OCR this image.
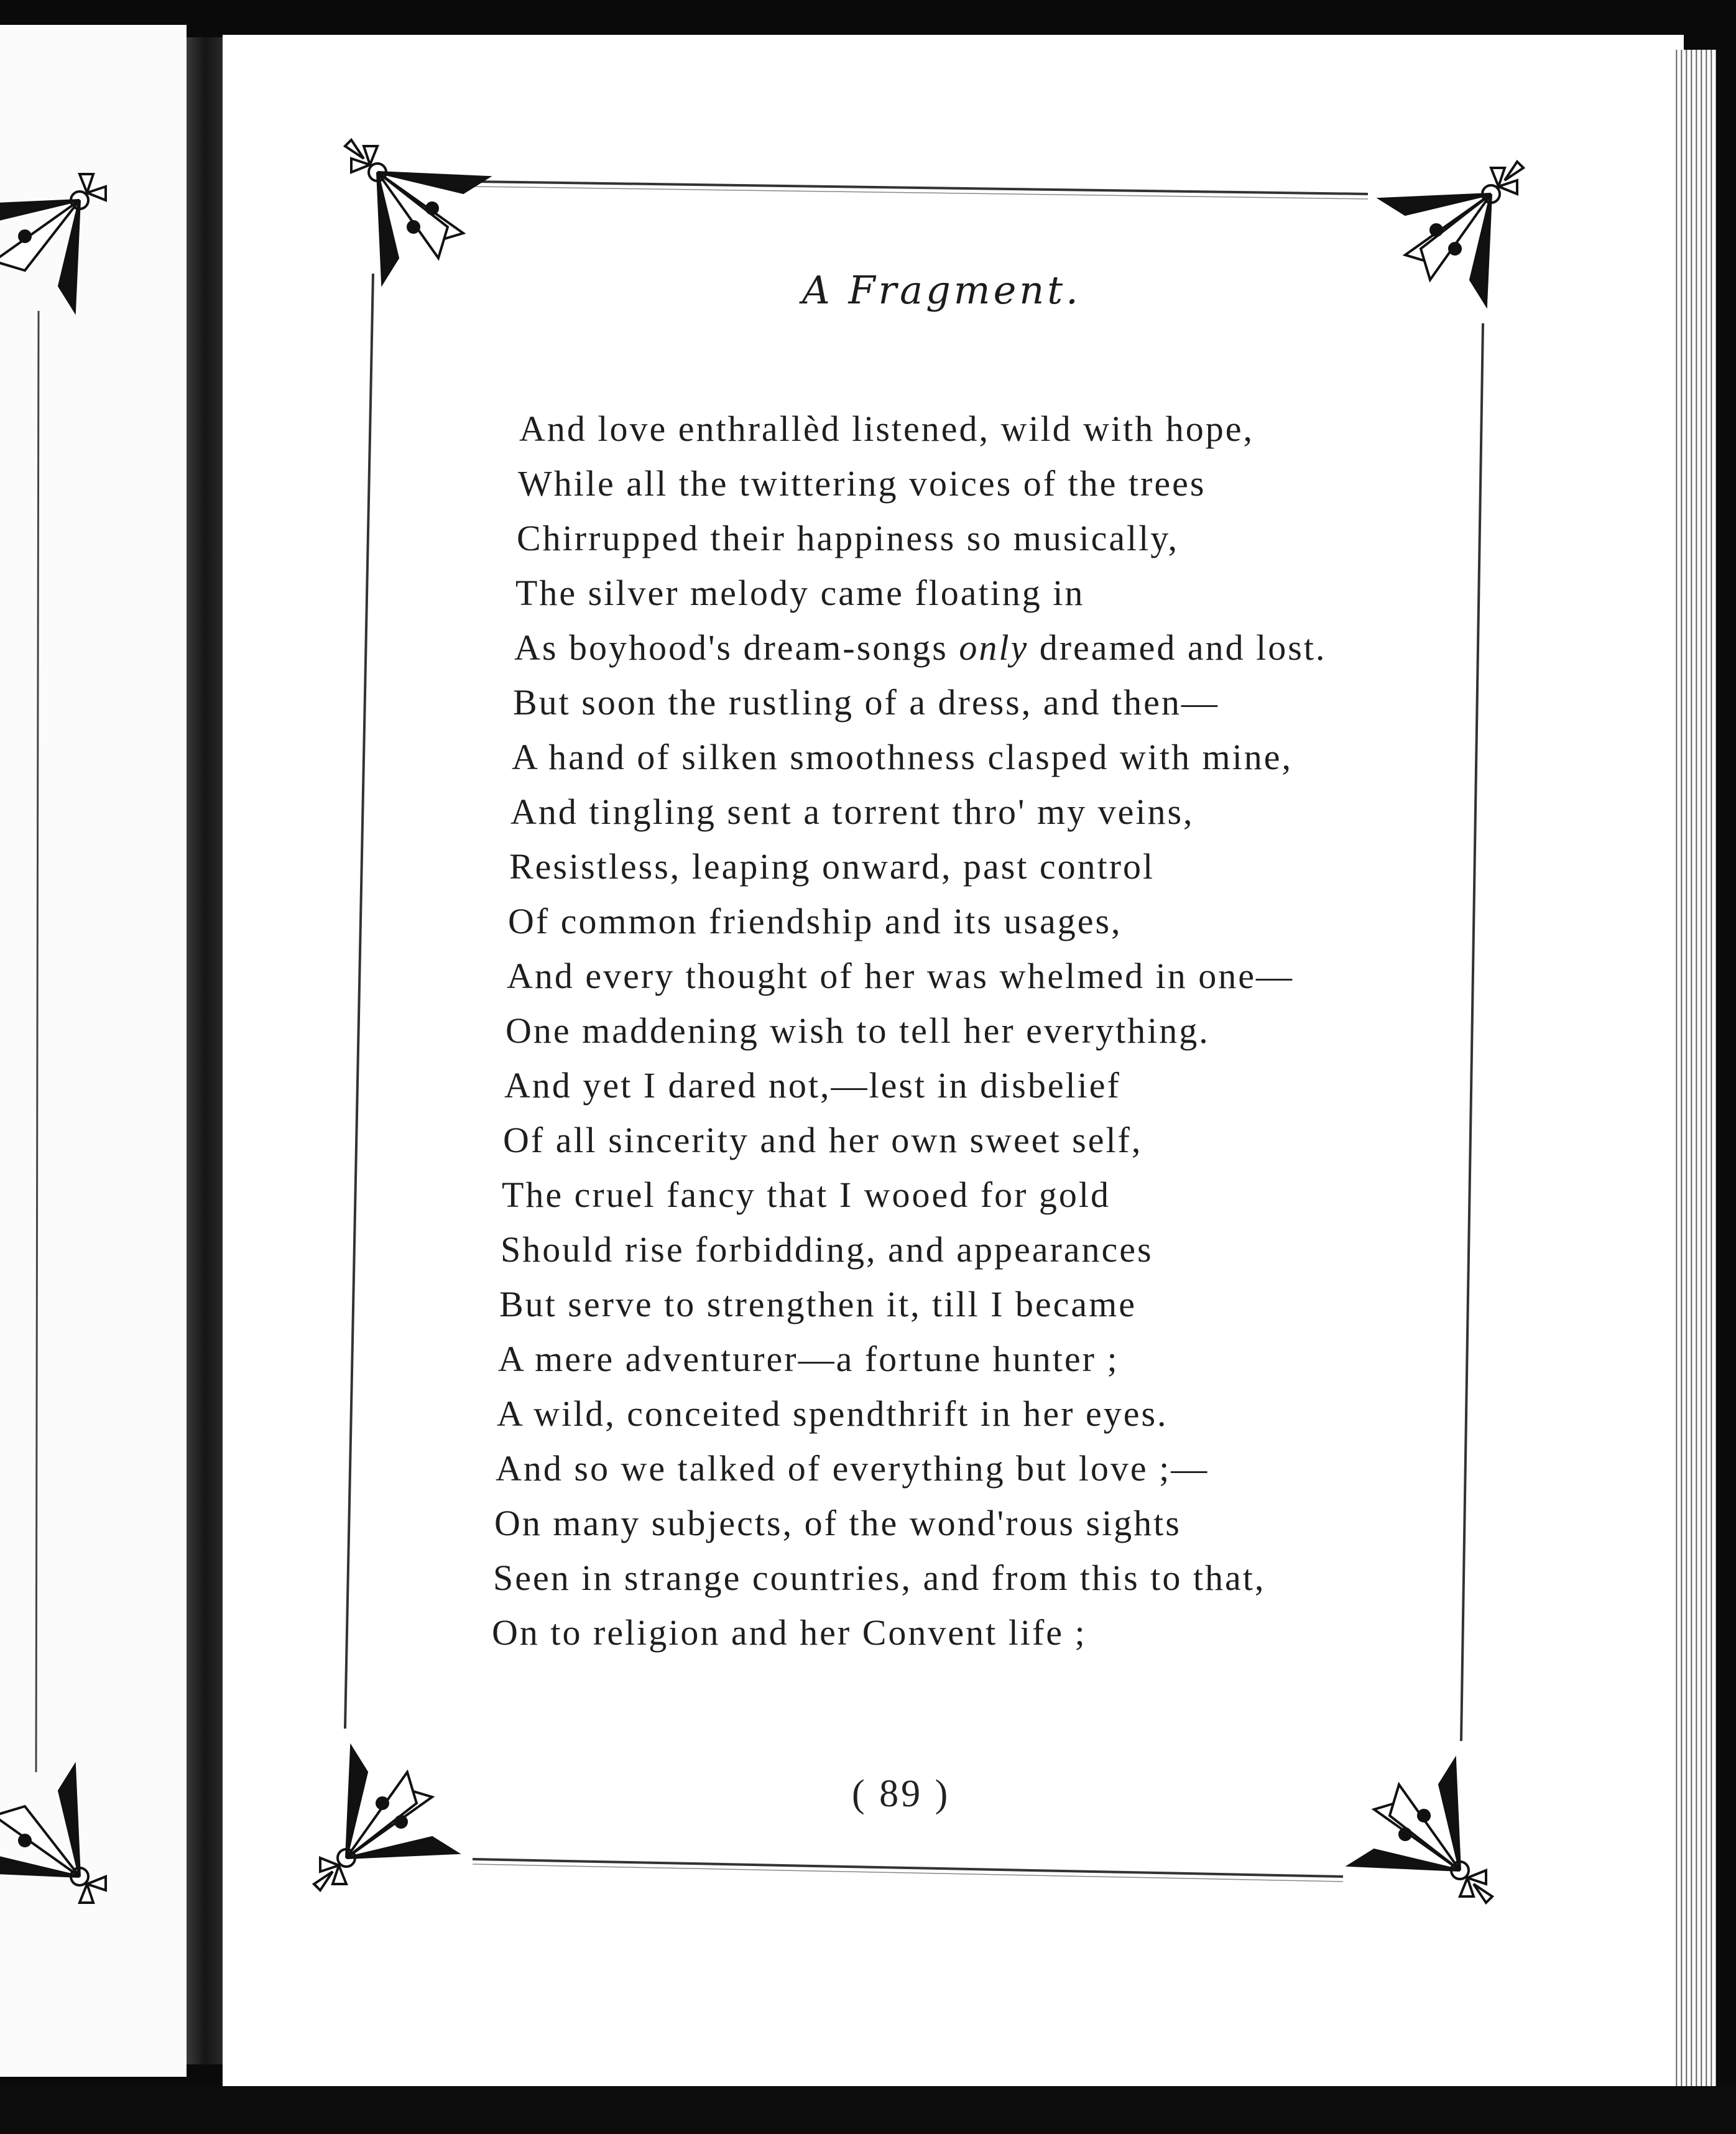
A Fragment.
And love enthrallèd listened, wild with hope,
While all the twittering voices of the trees
Chirrupped their happiness so musically,
The silver melody came floating in
As boyhood's dream-songs only dreamed and lost.
But soon the rustling of a dress, and then—
A hand of silken smoothness clasped with mine,
And tingling sent a torrent thro' my veins,
Resistless, leaping onward, past control
Of common friendship and its usages,
And every thought of her was whelmed in one—
One maddening wish to tell her everything.
And yet I dared not,—lest in disbelief
Of all sincerity and her own sweet self,
The cruel fancy that I wooed for gold
Should rise forbidding, and appearances
But serve to strengthen it, till I became
A mere adventurer—a fortune hunter ;
A wild, conceited spendthrift in her eyes.
And so we talked of everything but love ;—
On many subjects, of the wond'rous sights
Seen in strange countries, and from this to that,
On to religion and her Convent life ;
( 89 )
